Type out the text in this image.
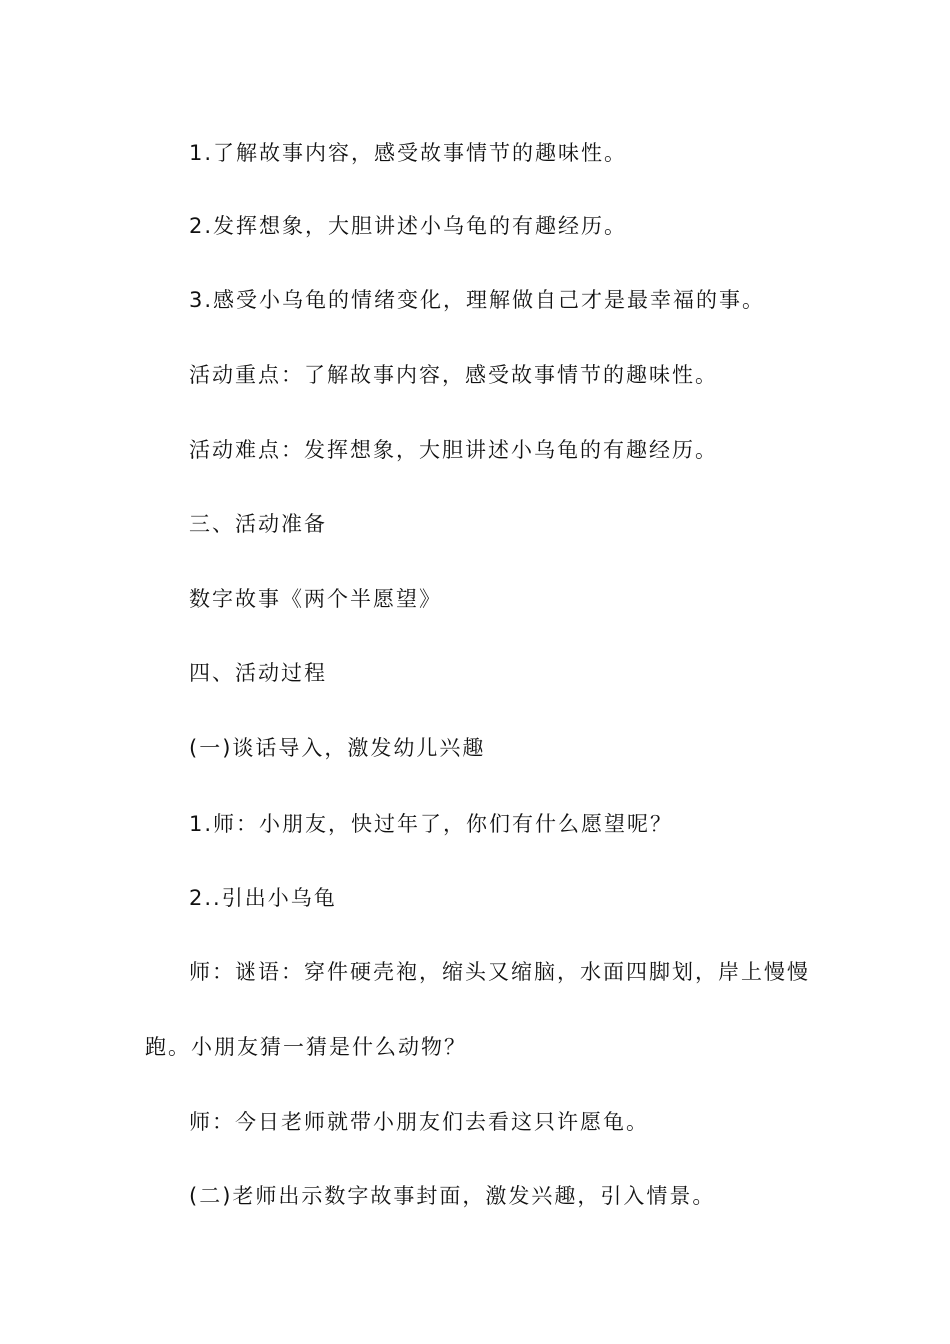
1.了解故事内容，感受故事情节的趣味性。

2.发挥想象，大胆讲述小乌龟的有趣经历。

3.感受小乌龟的情绪变化，理解做自己才是最幸福的事。

活动重点：了解故事内容，感受故事情节的趣味性。

活动难点：发挥想象，大胆讲述小乌龟的有趣经历。

三、活动准备

数字故事《两个半愿望》

四、活动过程

(一)谈话导入，激发幼儿兴趣

1.师：小朋友，快过年了，你们有什么愿望呢？

2..引出小乌龟

师：谜语：穿件硬壳袍，缩头又缩脑，水面四脚划，岸上慢慢

跑。小朋友猜一猜是什么动物？

师：今日老师就带小朋友们去看这只许愿龟。

(二)老师出示数字故事封面，激发兴趣，引入情景。
